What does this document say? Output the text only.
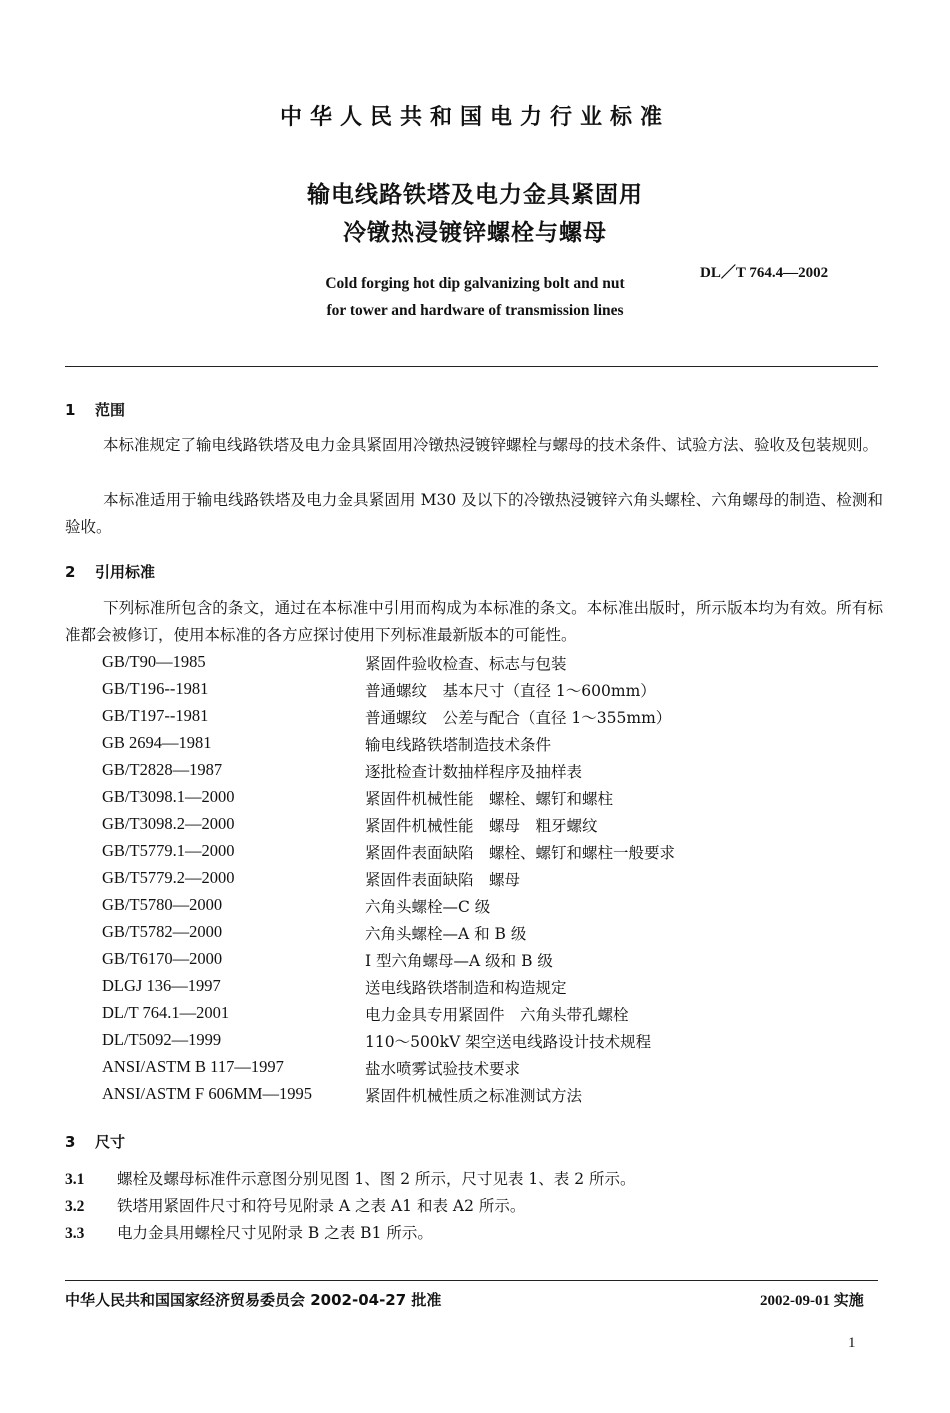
中华人民共和国电力行业标准
输电线路铁塔及电力金具紧固用
冷镦热浸镀锌螺栓与螺母
Cold forging hot dip galvanizing bolt and nut
for tower and hardware of transmission lines
DL／T 764.4—2002
1 范围
本标准规定了输电线路铁塔及电力金具紧固用冷镦热浸镀锌螺栓与螺母的技术条件、试验方法、验收及包装规则。
本标准适用于输电线路铁塔及电力金具紧固用 M30 及以下的冷镦热浸镀锌六角头螺栓、六角螺母的制造、检测和验收。
2 引用标准
下列标准所包含的条文，通过在本标准中引用而构成为本标准的条文。本标准出版时，所示版本均为有效。所有标准都会被修订，使用本标准的各方应探讨使用下列标准最新版本的可能性。
GB/T90—1985	紧固件验收检查、标志与包装
GB/T196--1981	普通螺纹　基本尺寸（直径 1～600mm）
GB/T197--1981	普通螺纹　公差与配合（直径 1～355mm）
GB 2694—1981	输电线路铁塔制造技术条件
GB/T2828—1987	逐批检查计数抽样程序及抽样表
GB/T3098.1—2000	紧固件机械性能　螺栓、螺钉和螺柱
GB/T3098.2—2000	紧固件机械性能　螺母　粗牙螺纹
GB/T5779.1—2000	紧固件表面缺陷　螺栓、螺钉和螺柱一般要求
GB/T5779.2—2000	紧固件表面缺陷　螺母
GB/T5780—2000	六角头螺栓—C 级
GB/T5782—2000	六角头螺栓—A 和 B 级
GB/T6170—2000	I 型六角螺母—A 级和 B 级
DLGJ 136—1997	送电线路铁塔制造和构造规定
DL/T 764.1—2001	电力金具专用紧固件　六角头带孔螺栓
DL/T5092—1999	110～500kV 架空送电线路设计技术规程
ANSI/ASTM B 117—1997	盐水喷雾试验技术要求
ANSI/ASTM F 606MM—1995	紧固件机械性质之标准测试方法
3 尺寸
3.1 螺栓及螺母标准件示意图分别见图 1、图 2 所示，尺寸见表 1、表 2 所示。
3.2 铁塔用紧固件尺寸和符号见附录 A 之表 A1 和表 A2 所示。
3.3 电力金具用螺栓尺寸见附录 B 之表 B1 所示。
中华人民共和国国家经济贸易委员会 2002-04-27 批准	2002-09-01 实施
1
